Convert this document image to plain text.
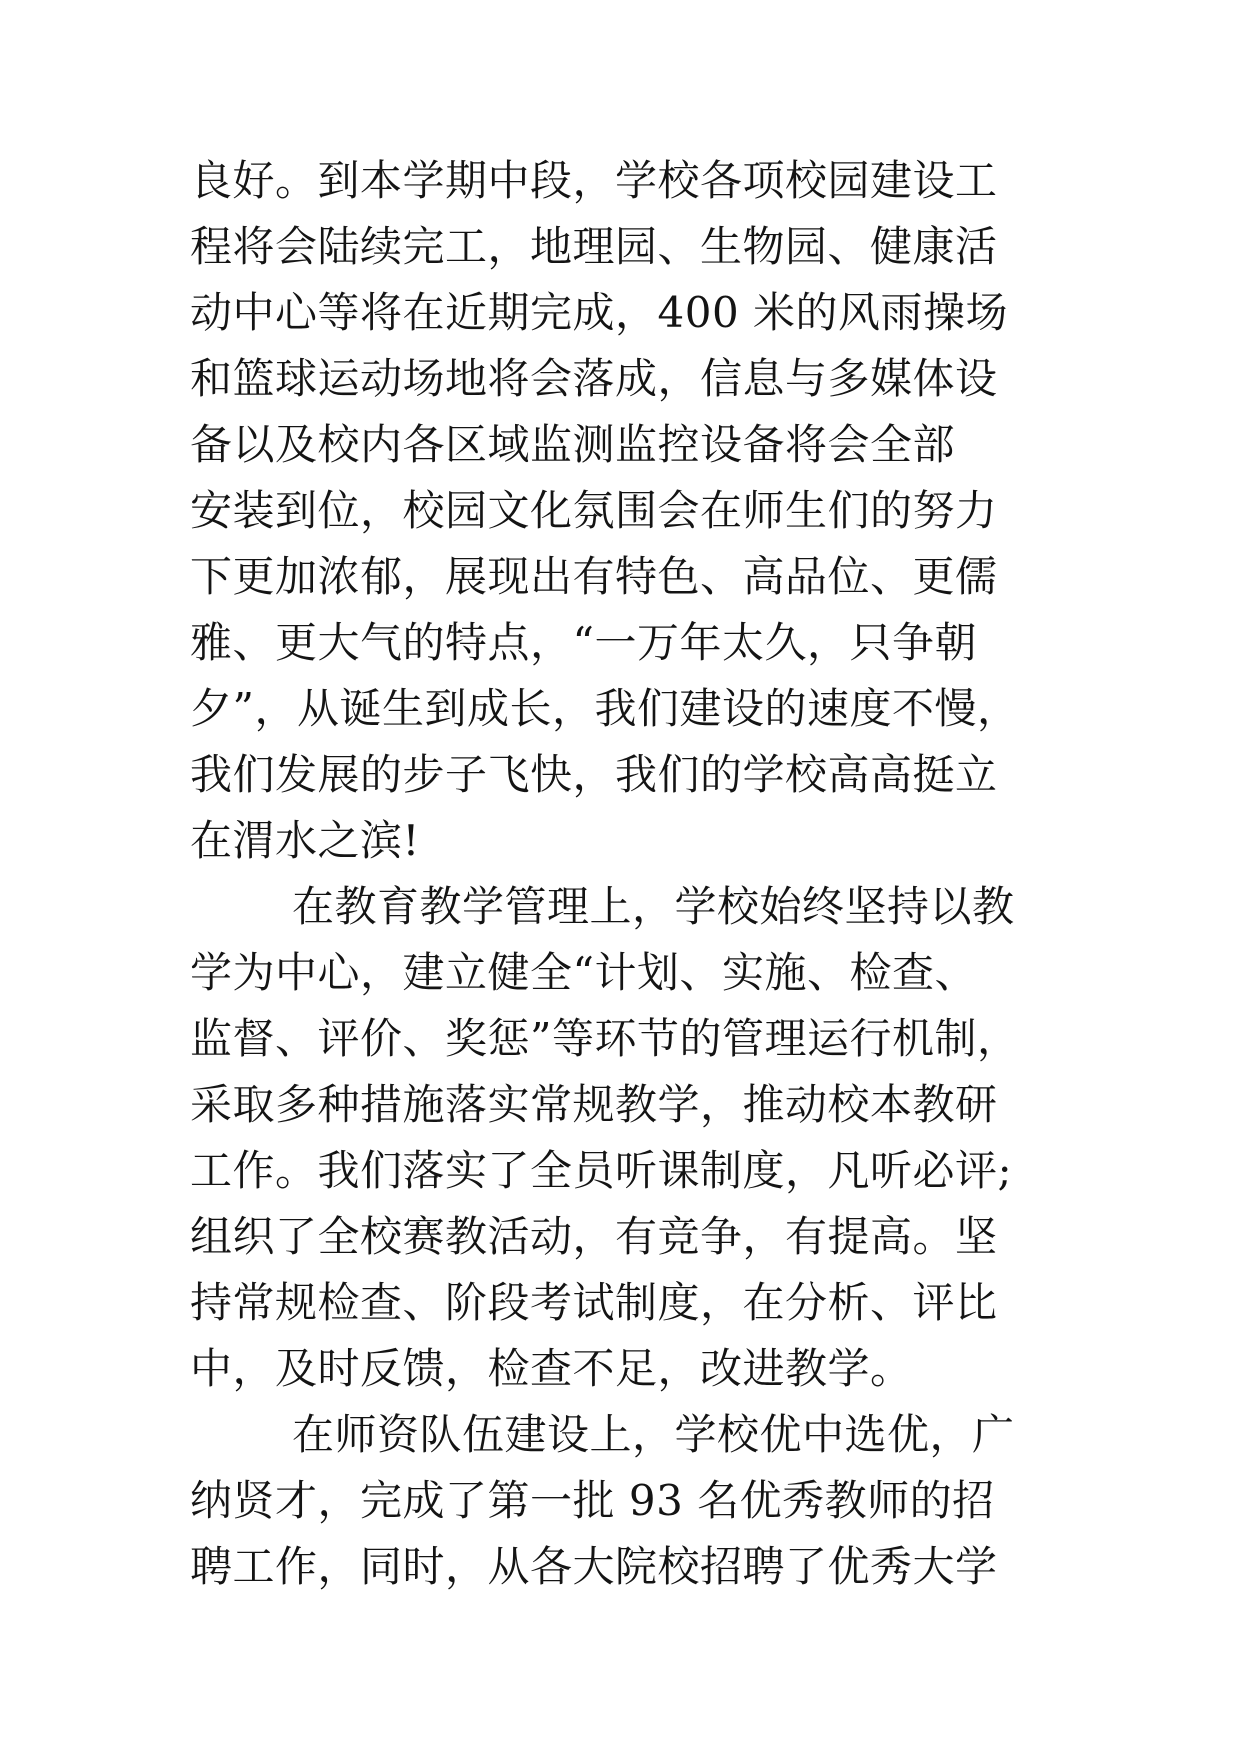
良好。到本学期中段，学校各项校园建设工
程将会陆续完工，地理园、生物园、健康活
动中心等将在近期完成，400 米的风雨操场
和篮球运动场地将会落成，信息与多媒体设
备以及校内各区域监测监控设备将会全部
安装到位，校园文化氛围会在师生们的努力
下更加浓郁，展现出有特色、高品位、更儒
雅、更大气的特点，“一万年太久，只争朝
夕”，从诞生到成长，我们建设的速度不慢，
我们发展的步子飞快，我们的学校高高挺立
在渭水之滨!
在教育教学管理上，学校始终坚持以教
学为中心，建立健全“计划、实施、检查、
监督、评价、奖惩”等环节的管理运行机制，
采取多种措施落实常规教学，推动校本教研
工作。我们落实了全员听课制度，凡听必评;
组织了全校赛教活动，有竞争，有提高。坚
持常规检查、阶段考试制度，在分析、评比
中，及时反馈，检查不足，改进教学。
在师资队伍建设上，学校优中选优，广
纳贤才，完成了第一批 93 名优秀教师的招
聘工作，同时，从各大院校招聘了优秀大学
